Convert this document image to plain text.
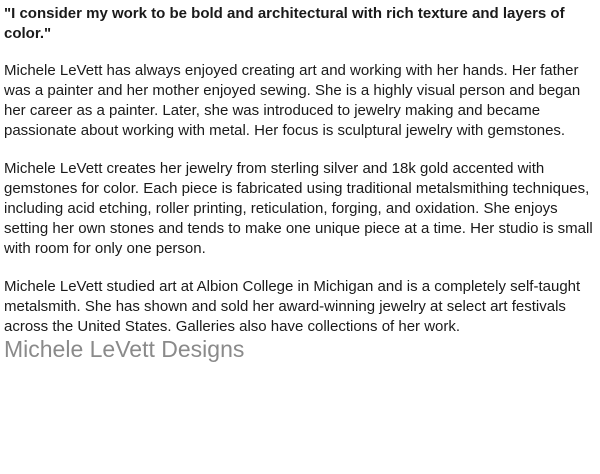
"I consider my work to be bold and architectural with rich texture and layers of color."

Michele LeVett has always enjoyed creating art and working with her hands. Her father was a painter and her mother enjoyed sewing. She is a highly visual person and began her career as a painter. Later, she was introduced to jewelry making and became passionate about working with metal. Her focus is sculptural jewelry with gemstones.

Michele LeVett creates her jewelry from sterling silver and 18k gold accented with gemstones for color. Each piece is fabricated using traditional metalsmithing techniques, including acid etching, roller printing, reticulation, forging, and oxidation. She enjoys setting her own stones and tends to make one unique piece at a time. Her studio is small with room for only one person.

Michele LeVett studied art at Albion College in Michigan and is a completely self-taught metalsmith. She has shown and sold her award-winning jewelry at select art festivals across the United States. Galleries also have collections of her work.

Michele LeVett Designs
